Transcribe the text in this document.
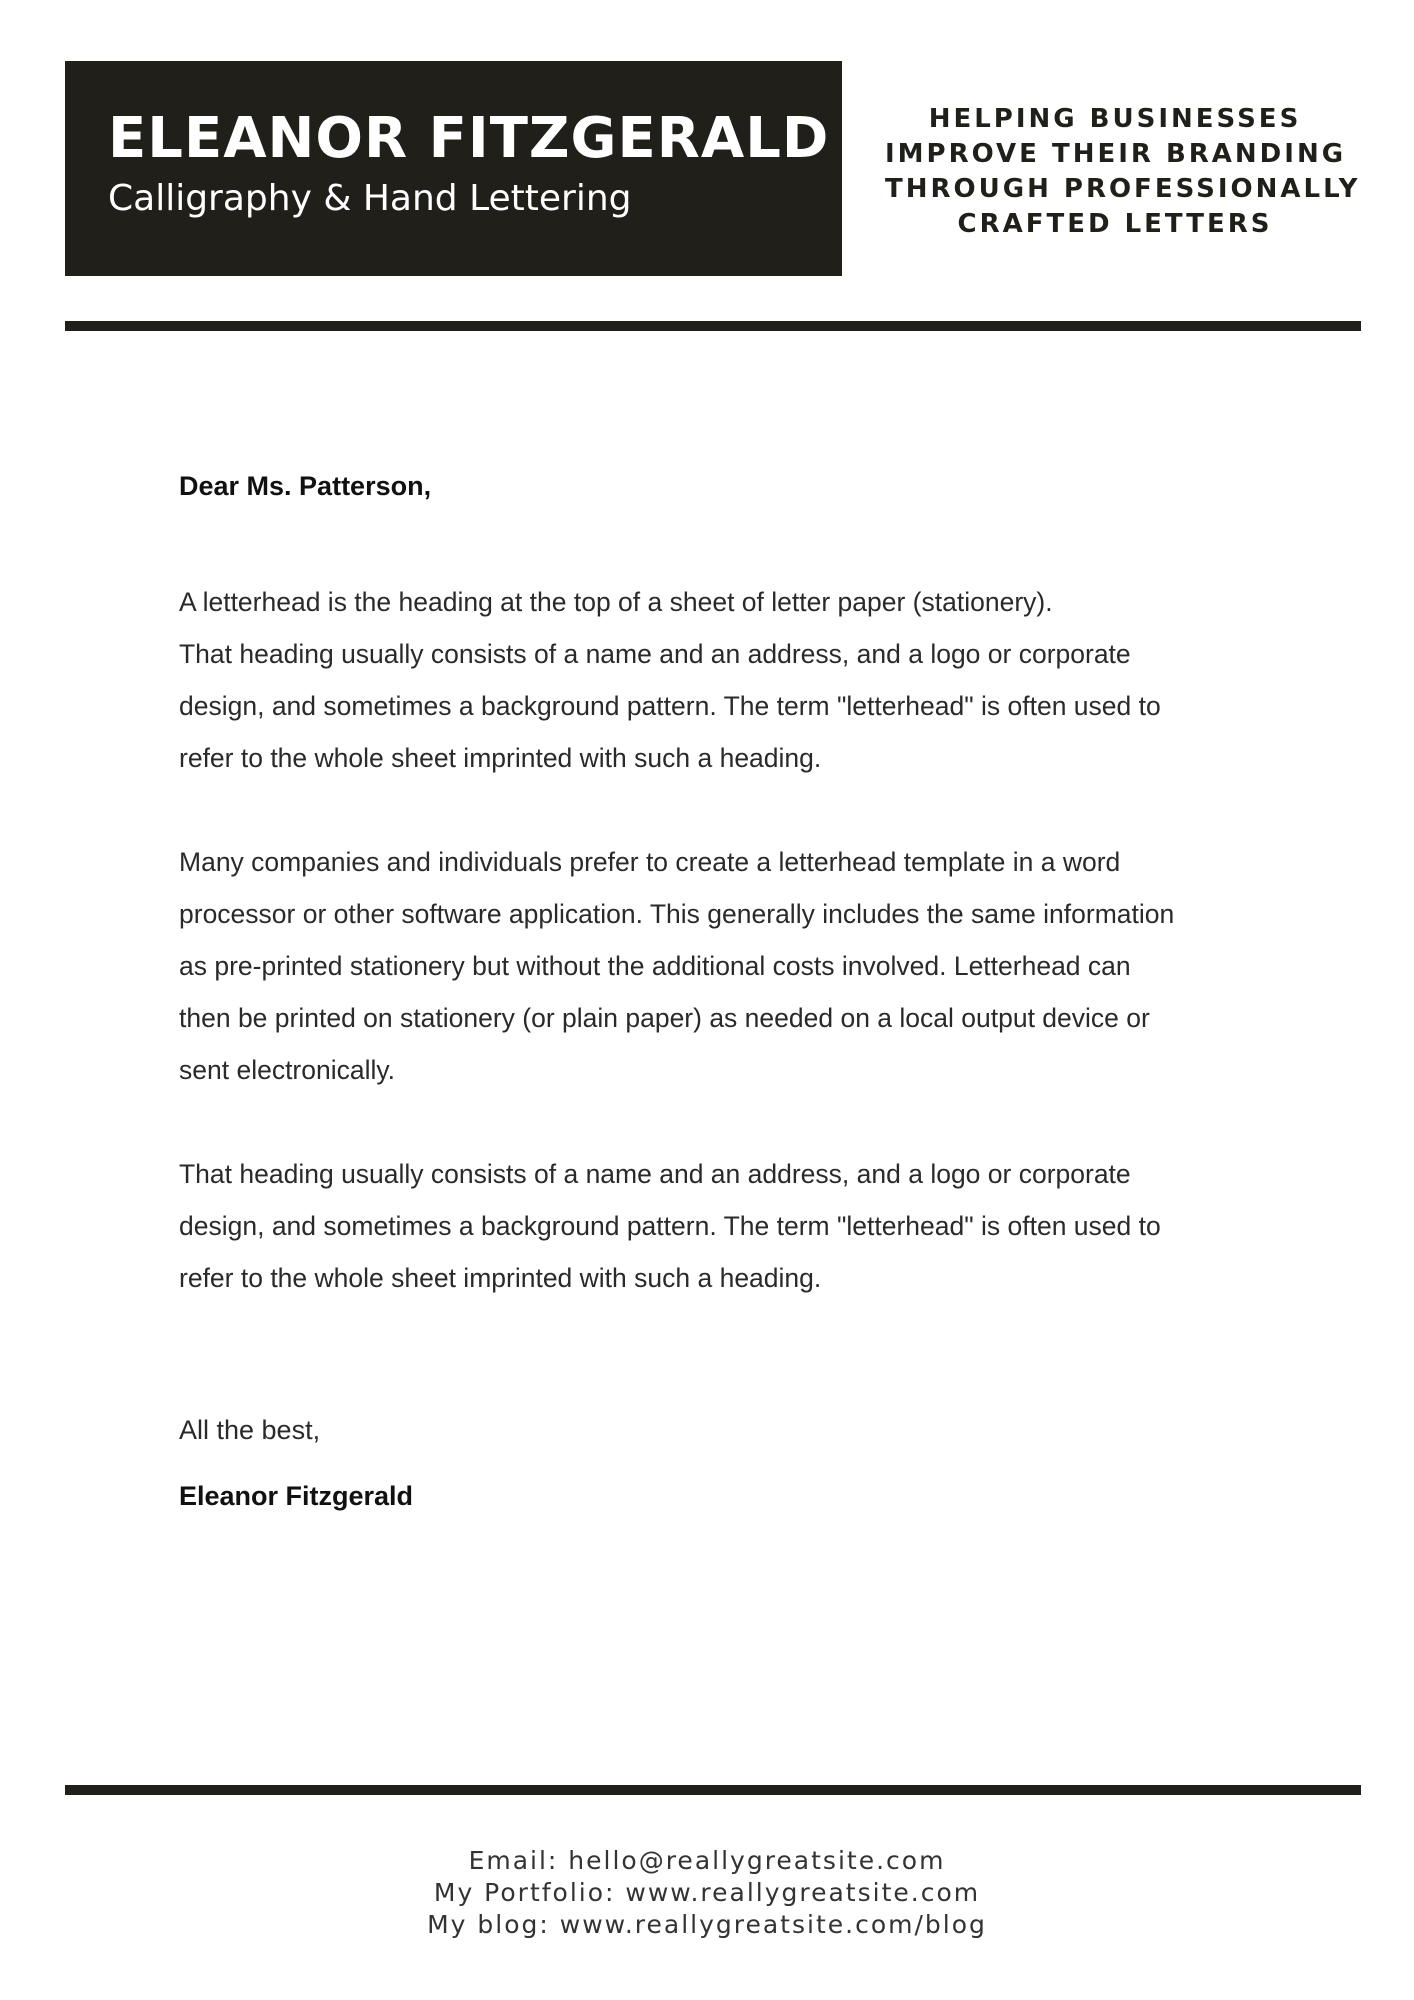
ELEANOR FITZGERALD
Calligraphy & Hand Lettering
HELPING BUSINESSES
IMPROVE THEIR BRANDING
THROUGH PROFESSIONALLY
CRAFTED LETTERS

Dear Ms. Patterson,

A letterhead is the heading at the top of a sheet of letter paper (stationery).
That heading usually consists of a name and an address, and a logo or corporate
design, and sometimes a background pattern. The term "letterhead" is often used to
refer to the whole sheet imprinted with such a heading.
Many companies and individuals prefer to create a letterhead template in a word
processor or other software application. This generally includes the same information
as pre-printed stationery but without the additional costs involved. Letterhead can
then be printed on stationery (or plain paper) as needed on a local output device or
sent electronically.
That heading usually consists of a name and an address, and a logo or corporate
design, and sometimes a background pattern. The term "letterhead" is often used to
refer to the whole sheet imprinted with such a heading.

All the best,

Eleanor Fitzgerald

Email: hello@reallygreatsite.com
My Portfolio: www.reallygreatsite.com
My blog: www.reallygreatsite.com/blog
